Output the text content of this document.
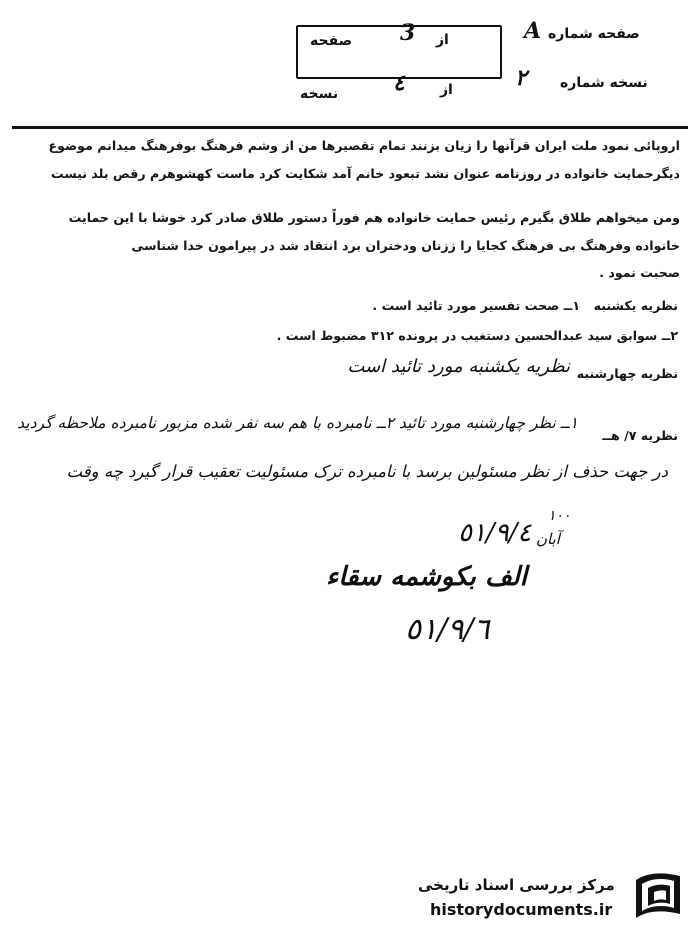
صفحه شماره
A
صفحه 3 از
نسخه شماره
٢
نسخه ٤	از
اروپائی نمود ملت ایران قرآنها را زیان بزنند تمام تقصیرها من از وشم فرهنگ بوفرهنگ میدانم موضوع
دیگرحمایت خانواده در روزنامه عنوان نشد تبعود خانم آمد شکایت کرد ماست کهشوهرم رقص بلد نیست
ومن میخواهم طلاق بگیرم رئیس حمایت خانواده هم فوراً دستور طلاق صادر کرد خوشا با این حمایت
خانواده وفرهنگ بی فرهنگ کجایا را ززنان ودختران برد انتقاد شد در پیرامون خدا شناسی
صحبت نمود .
نظریه یکشنبه
١ــ صحت تفسیر مورد تائید است .
٢ــ سوابق سید عبدالحسین دستغیب در پرونده ٣١٢ مضبوط است .
نظریه چهارشنبه
نظریه یکشنبه مورد تائید است
نظریه ٧/ هــ
١ــ نظر چهارشنبه مورد تائید ٢ــ نامبرده با هم سه نفر شده مزبور نامبرده ملاحظه گردید
در جهت حذف از نظر مسئولین برسد با نامبرده ترک مسئولیت تعقیب قرار گیرد چه وقت
١٠٠
٥١/٩/٤ آبان
الف بکوشمه سقاء
٥١/٩/٦
مرکز بررسی اسناد تاریخی
historydocuments.ir
